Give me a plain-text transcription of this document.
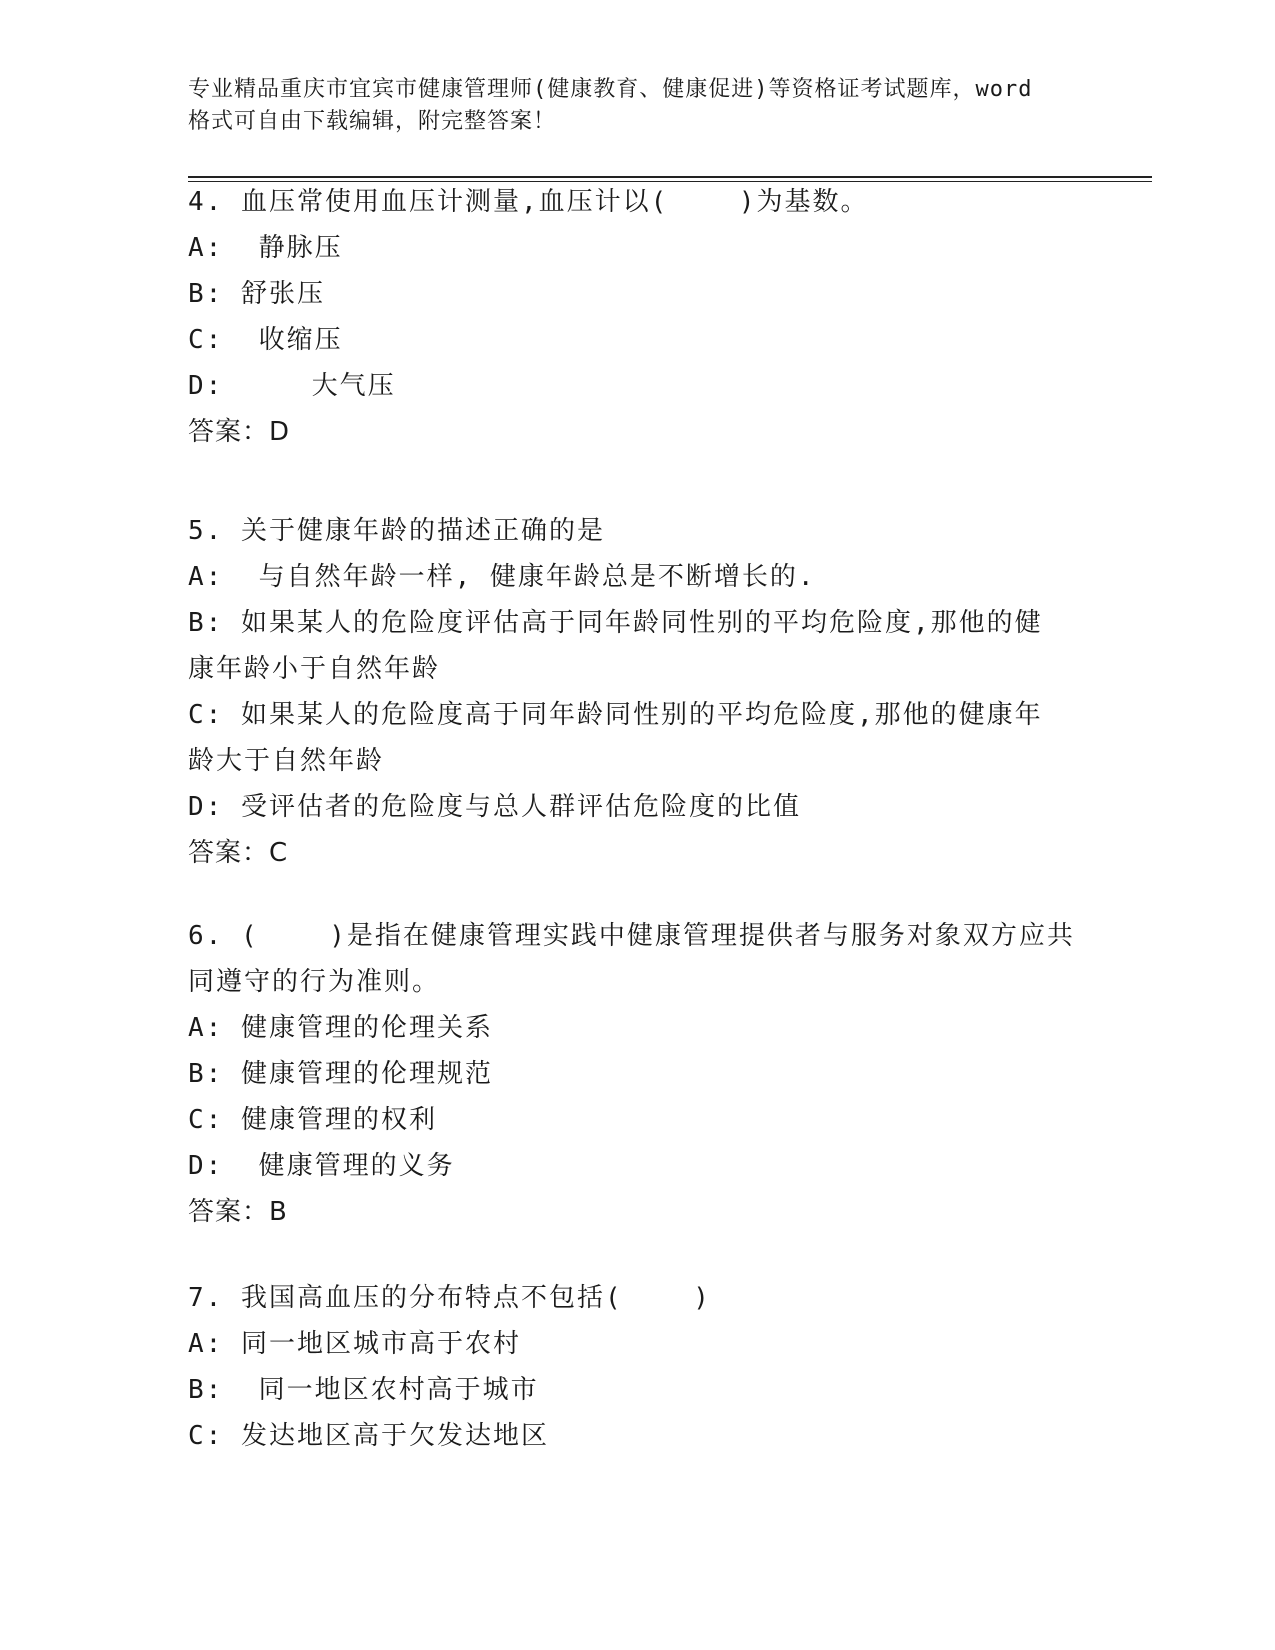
专业精品重庆市宜宾市健康管理师(健康教育、健康促进)等资格证考试题库，word
格式可自由下载编辑，附完整答案！
4. 血压常使用血压计测量,血压计以(    )为基数。
A:  静脉压
B: 舒张压
C:  收缩压
D:     大气压
答案：D
5. 关于健康年龄的描述正确的是
A:  与自然年龄一样, 健康年龄总是不断增长的.
B: 如果某人的危险度评估高于同年龄同性别的平均危险度,那他的健
康年龄小于自然年龄
C: 如果某人的危险度高于同年龄同性别的平均危险度,那他的健康年
龄大于自然年龄
D: 受评估者的危险度与总人群评估危险度的比值
答案：C
6. (    )是指在健康管理实践中健康管理提供者与服务对象双方应共
同遵守的行为准则。
A: 健康管理的伦理关系
B: 健康管理的伦理规范
C: 健康管理的权利
D:  健康管理的义务
答案：B
7. 我国高血压的分布特点不包括(    )
A: 同一地区城市高于农村
B:  同一地区农村高于城市
C: 发达地区高于欠发达地区
